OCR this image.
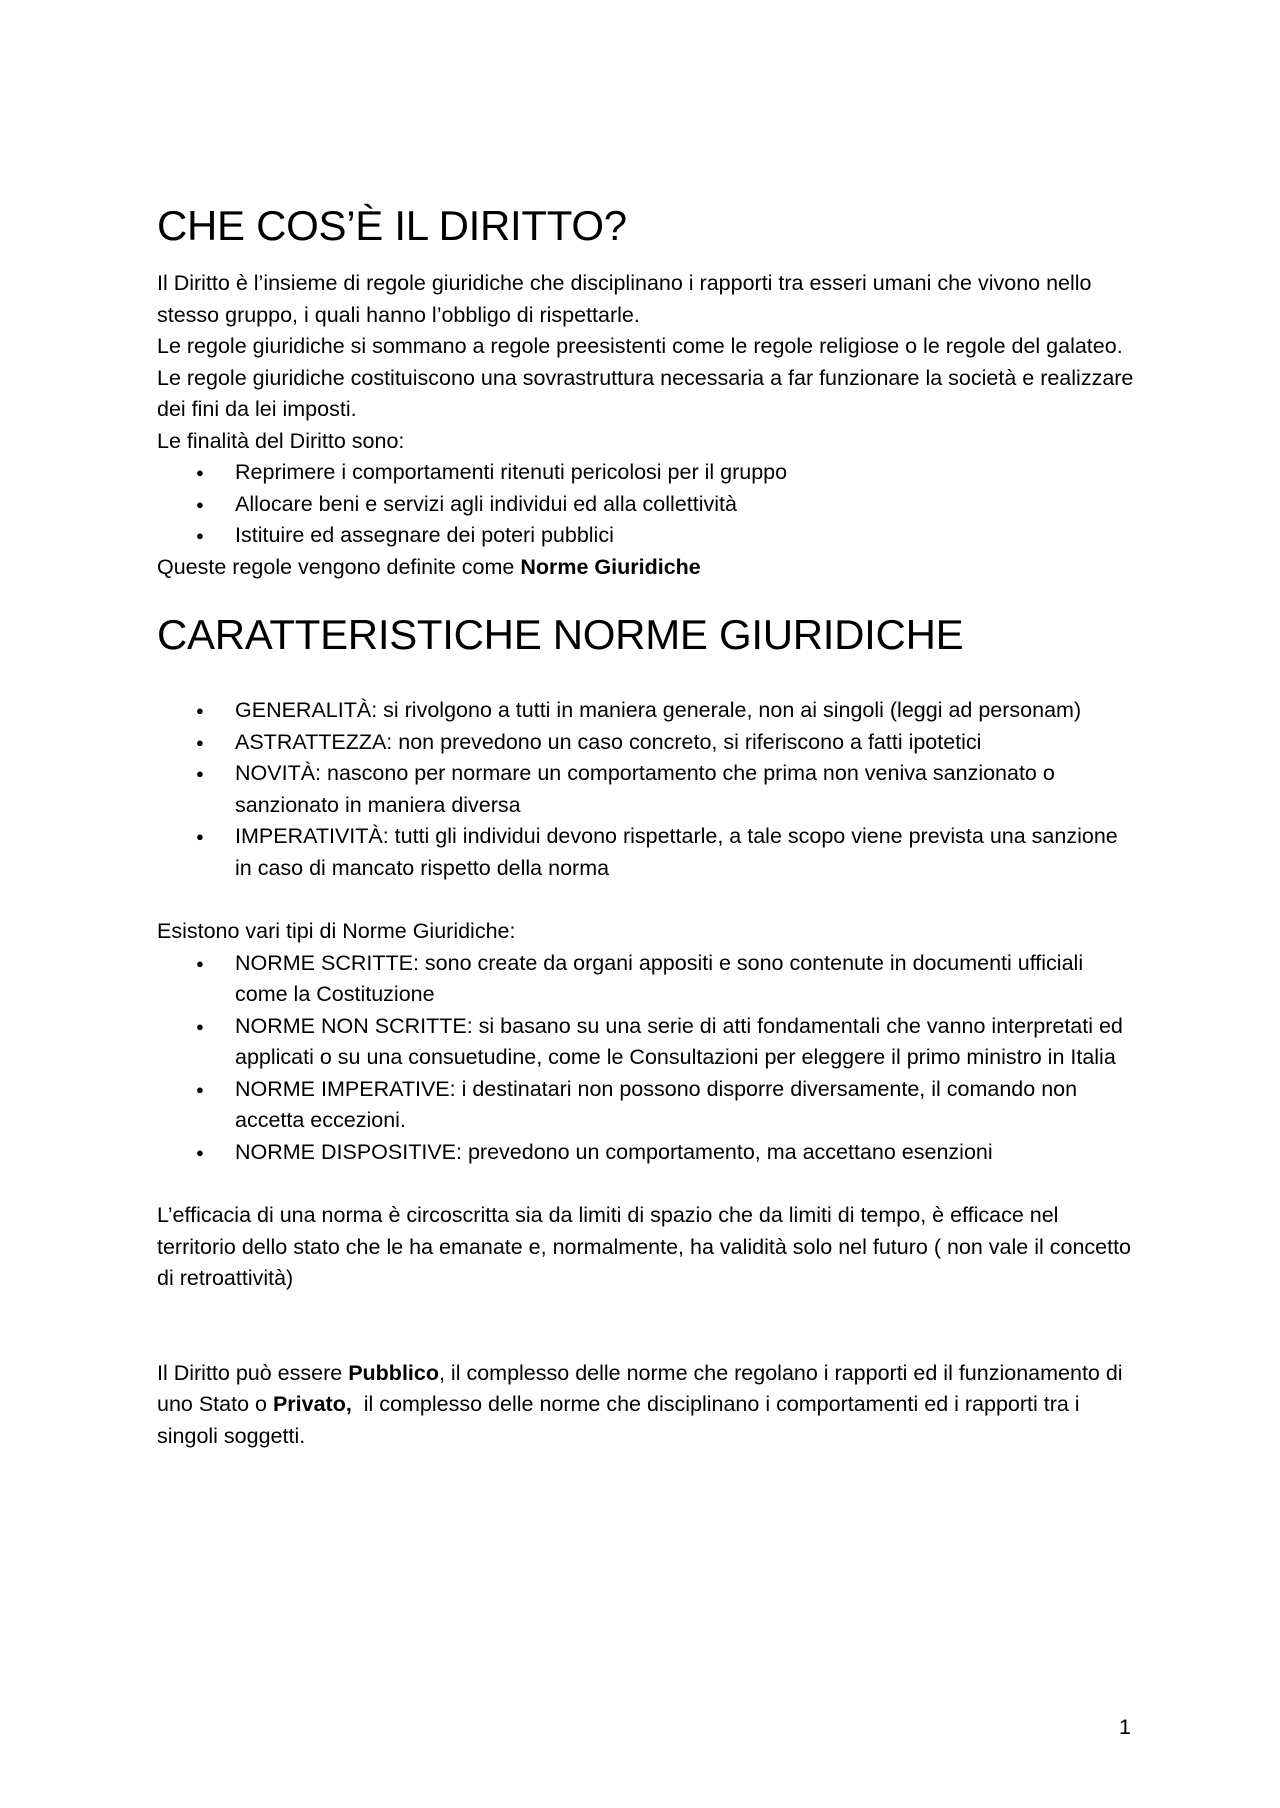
CHE COS’È IL DIRITTO?

Il Diritto è l’insieme di regole giuridiche che disciplinano i rapporti tra esseri umani che vivono nello stesso gruppo, i quali hanno l’obbligo di rispettarle.

Le regole giuridiche si sommano a regole preesistenti come le regole religiose o le regole del galateo.

Le regole giuridiche costituiscono una sovrastruttura necessaria a far funzionare la società e realizzare dei fini da lei imposti.

Le finalità del Diritto sono:

● Reprimere i comportamenti ritenuti pericolosi per il gruppo
● Allocare beni e servizi agli individui ed alla collettività
● Istituire ed assegnare dei poteri pubblici

Queste regole vengono definite come Norme Giuridiche

CARATTERISTICHE NORME GIURIDICHE
● GENERALITÀ: si rivolgono a tutti in maniera generale, non ai singoli (leggi ad personam)
● ASTRATTEZZA: non prevedono un caso concreto, si riferiscono a fatti ipotetici
● NOVITÀ: nascono per normare un comportamento che prima non veniva sanzionato o sanzionato in maniera diversa
● IMPERATIVITÀ: tutti gli individui devono rispettarle, a tale scopo viene prevista una sanzione in caso di mancato rispetto della norma

Esistono vari tipi di Norme Giuridiche:

● NORME SCRITTE: sono create da organi appositi e sono contenute in documenti ufficiali come la Costituzione
● NORME NON SCRITTE: si basano su una serie di atti fondamentali che vanno interpretati ed applicati o su una consuetudine, come le Consultazioni per eleggere il primo ministro in Italia
● NORME IMPERATIVE: i destinatari non possono disporre diversamente, il comando non accetta eccezioni.
● NORME DISPOSITIVE: prevedono un comportamento, ma accettano esenzioni

L’efficacia di una norma è circoscritta sia da limiti di spazio che da limiti di tempo, è efficace nel territorio dello stato che le ha emanate e, normalmente, ha validità solo nel futuro ( non vale il concetto di retroattività)

Il Diritto può essere Pubblico, il complesso delle norme che regolano i rapporti ed il funzionamento di uno Stato o Privato,  il complesso delle norme che disciplinano i comportamenti ed i rapporti tra i singoli soggetti.

1
